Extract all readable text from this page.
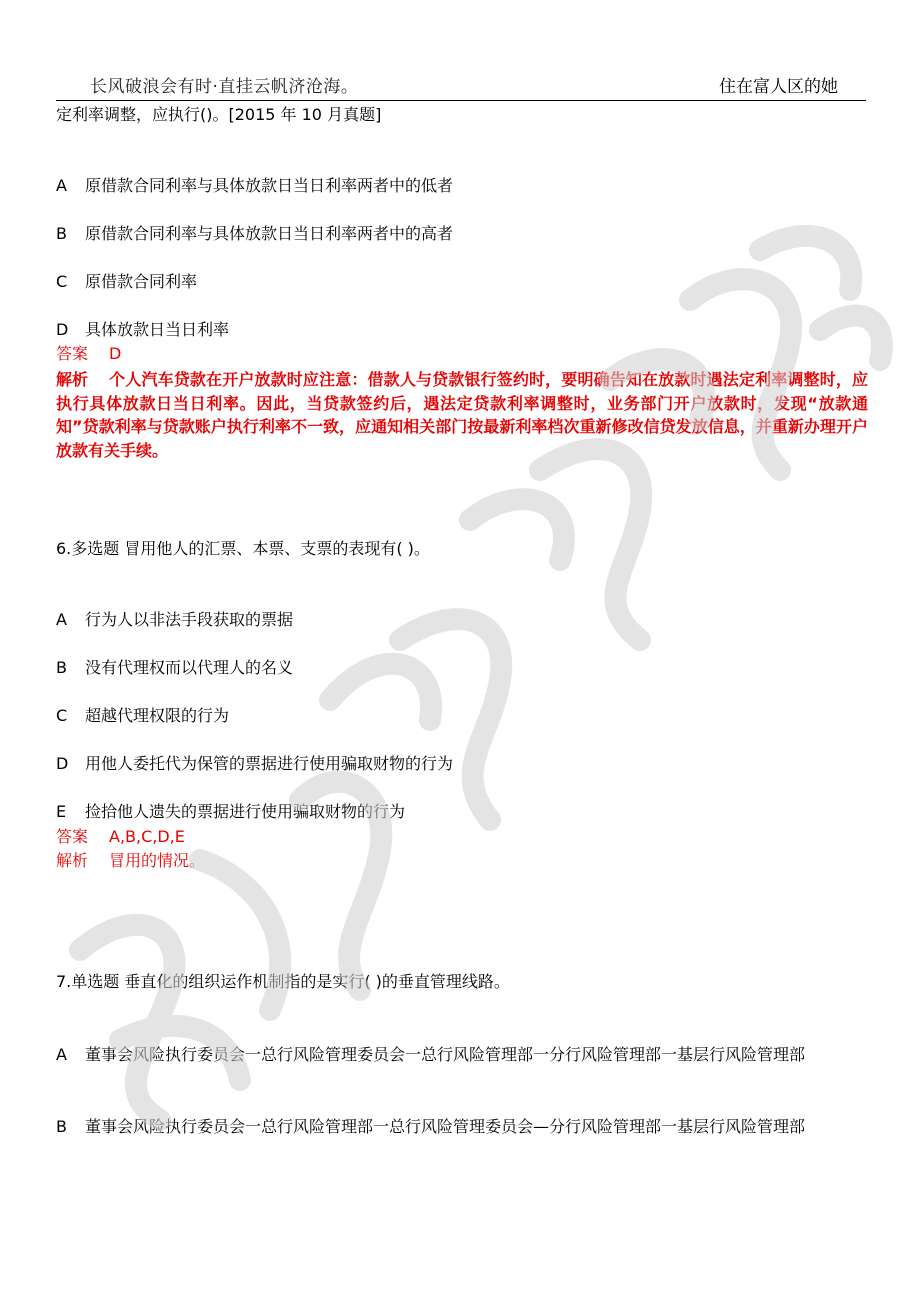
长风破浪会有时·直挂云帆济沧海。	住在富人区的她
定利率调整，应执行()。[2015 年 10 月真题]
A 原借款合同利率与具体放款日当日利率两者中的低者
B 原借款合同利率与具体放款日当日利率两者中的高者
C 原借款合同利率
D 具体放款日当日利率
答案 D
解析 个人汽车贷款在开户放款时应注意：借款人与贷款银行签约时，要明确告知在放款时遇法定利率调整时，应执行具体放款日当日利率。因此，当贷款签约后，遇法定贷款利率调整时，业务部门开户放款时，发现“放款通知”贷款利率与贷款账户执行利率不一致，应通知相关部门按最新利率档次重新修改信贷发放信息，并重新办理开户放款有关手续。
6.多选题 冒用他人的汇票、本票、支票的表现有( )。
A 行为人以非法手段获取的票据
B 没有代理权而以代理人的名义
C 超越代理权限的行为
D 用他人委托代为保管的票据进行使用骗取财物的行为
E 捡拾他人遗失的票据进行使用骗取财物的行为
答案 A,B,C,D,E
解析 冒用的情况。
7.单选题 垂直化的组织运作机制指的是实行( )的垂直管理线路。
A 董事会风险执行委员会一总行风险管理委员会一总行风险管理部一分行风险管理部一基层行风险管理部
B 董事会风险执行委员会一总行风险管理部一总行风险管理委员会—分行风险管理部一基层行风险管理部
